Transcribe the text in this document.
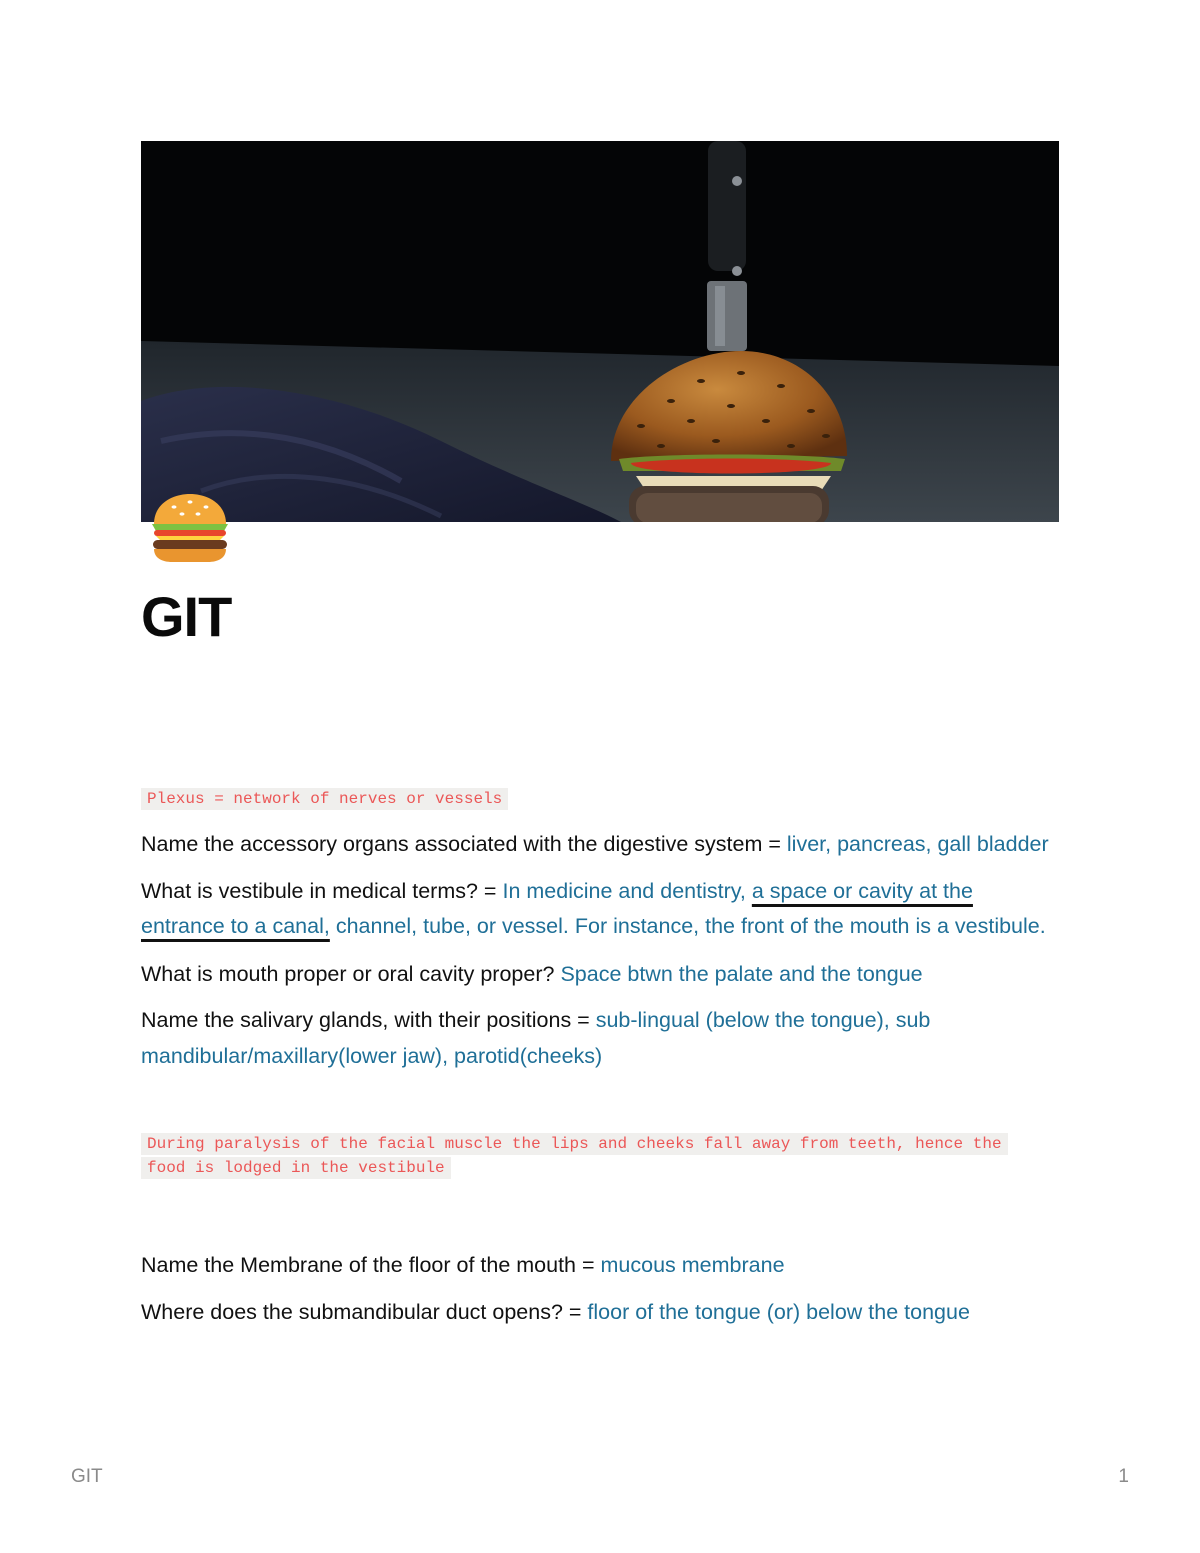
GIT
Plexus = network of nerves or vessels

Name the accessory organs associated with the digestive system = liver, pancreas, gall bladder

What is vestibule in medical terms? = In medicine and dentistry, a space or cavity at the entrance to a canal, channel, tube, or vessel. For instance, the front of the mouth is a vestibule.

What is mouth proper or oral cavity proper? Space btwn the palate and the tongue

Name the salivary glands, with their positions = sub-lingual (below the tongue), sub mandibular/maxillary(lower jaw), parotid(cheeks)

During paralysis of the facial muscle the lips and cheeks fall away from teeth, hence the food is lodged in the vestibule

Name the Membrane of the floor of the mouth = mucous membrane

Where does the submandibular duct opens? = floor of the tongue (or) below the tongue

GIT	1
